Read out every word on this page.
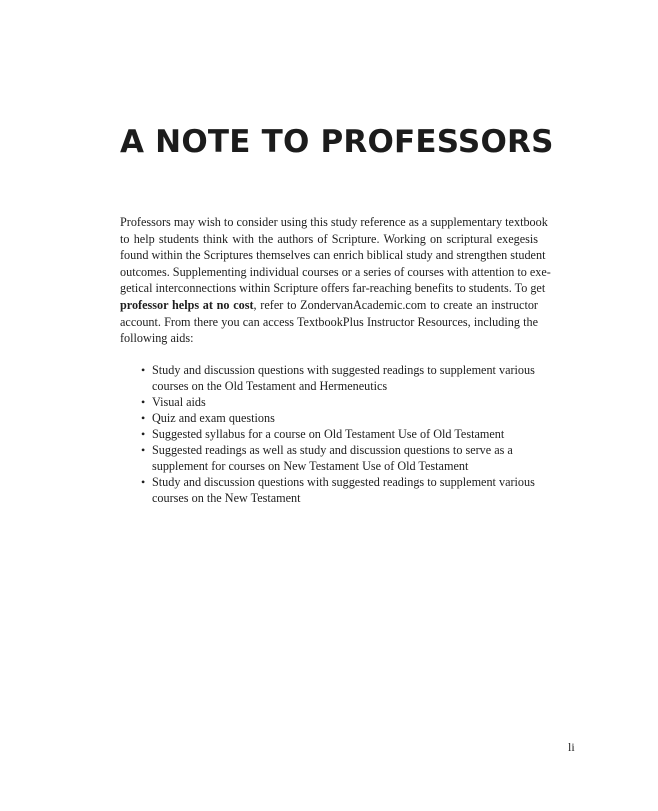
A NOTE TO PROFESSORS

Professors may wish to consider using this study reference as a supplementary textbook
to help students think with the authors of Scripture. Working on scriptural exegesis
found within the Scriptures themselves can enrich biblical study and strengthen student
outcomes. Supplementing individual courses or a series of courses with attention to exe-
getical interconnections within Scripture offers far-reaching benefits to students. To get
professor helps at no cost, refer to ZondervanAcademic.com to create an instructor
account. From there you can access TextbookPlus Instructor Resources, including the
following aids:

• Study and discussion questions with suggested readings to supplement various
courses on the Old Testament and Hermeneutics
• Visual aids
• Quiz and exam questions
• Suggested syllabus for a course on Old Testament Use of Old Testament
• Suggested readings as well as study and discussion questions to serve as a
supplement for courses on New Testament Use of Old Testament
• Study and discussion questions with suggested readings to supplement various
courses on the New Testament
li
